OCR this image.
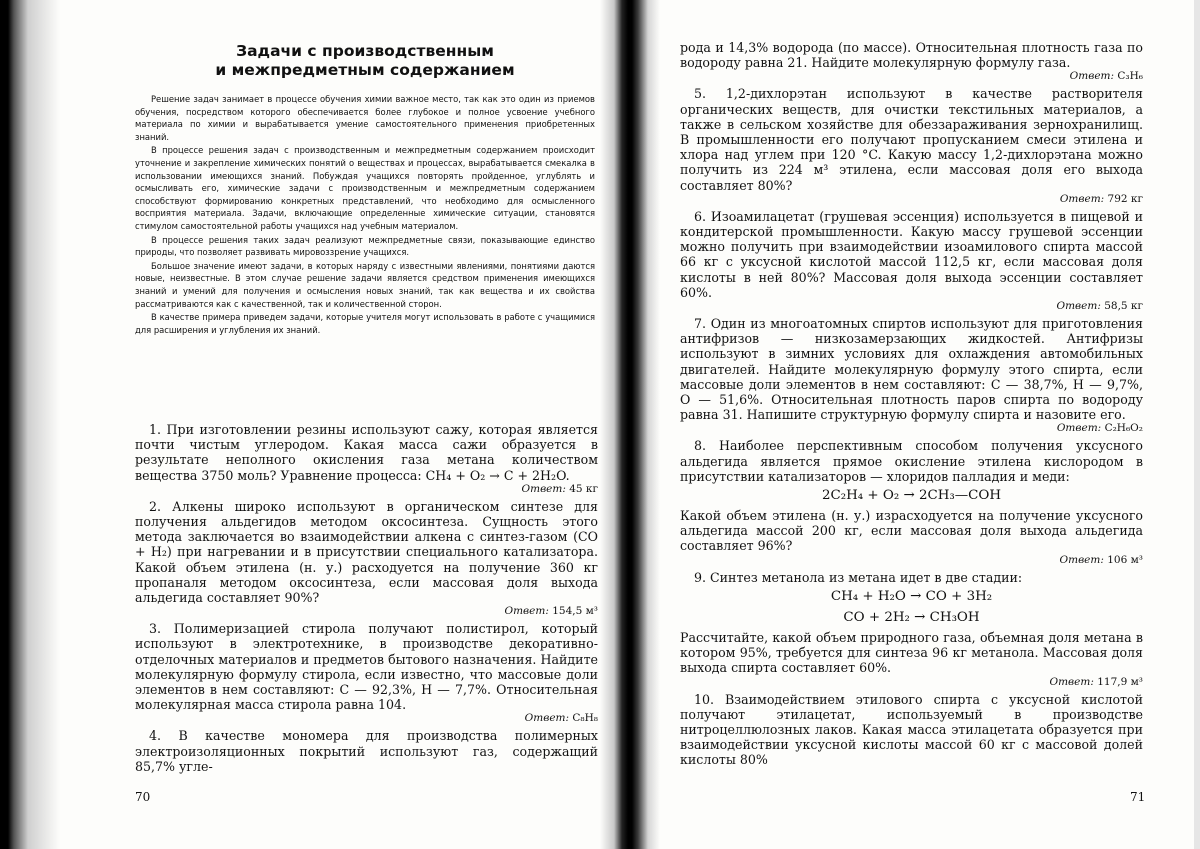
Задачи с производственным
и межпредметным содержанием

Решение задач занимает в процессе обучения химии важное место, так как это один из приемов обучения, посредством которого обеспечивается более глубокое и полное усвоение учебного материала по химии и вырабатывается умение самостоятельного применения приобретенных знаний.

В процессе решения задач с производственным и межпредметным содержанием происходит уточнение и закрепление химических понятий о веществах и процессах, вырабатывается смекалка в использовании имеющихся знаний. Побуждая учащихся повторять пройденное, углублять и осмысливать его, химические задачи с производственным и межпредметным содержанием способствуют формированию конкретных представлений, что необходимо для осмысленного восприятия материала. Задачи, включающие определенные химические ситуации, становятся стимулом самостоятельной работы учащихся над учебным материалом.

В процессе решения таких задач реализуют межпредметные связи, показывающие единство природы, что позволяет развивать мировоззрение учащихся.

Большое значение имеют задачи, в которых наряду с известными явлениями, понятиями даются новые, неизвестные. В этом случае решение задачи является средством применения имеющихся знаний и умений для получения и осмысления новых знаний, так как вещества и их свойства рассматриваются как с качественной, так и количественной сторон.

В качестве примера приведем задачи, которые учителя могут использовать в работе с учащимися для расширения и углубления их знаний.

1. При изготовлении резины используют сажу, которая является почти чистым углеродом. Какая масса сажи образуется в результате неполного окисления газа метана количеством вещества 3750 моль? Уравнение процесса: CH₄ + O₂ → C + 2H₂O.

Ответ: 45 кг

2. Алкены широко используют в органическом синтезе для получения альдегидов методом оксосинтеза. Сущность этого метода заключается во взаимодействии алкена с синтез-газом (CO + H₂) при нагревании и в присутствии специального катализатора. Какой объем этилена (н. у.) расходуется на получение 360 кг пропаналя методом оксосинтеза, если массовая доля выхода альдегида составляет 90%?

Ответ: 154,5 м³

3. Полимеризацией стирола получают полистирол, который используют в электротехнике, в производстве декоративно-отделочных материалов и предметов бытового назначения. Найдите молекулярную формулу стирола, если известно, что массовые доли элементов в нем составляют: C — 92,3%, H — 7,7%. Относительная молекулярная масса стирола равна 104.

Ответ: C₈H₈

4. В качестве мономера для производства полимерных электроизоляционных покрытий используют газ, содержащий 85,7% угле-

70

рода и 14,3% водорода (по массе). Относительная плотность газа по водороду равна 21. Найдите молекулярную формулу газа.

Ответ: C₃H₆

5. 1,2-дихлорэтан используют в качестве растворителя органических веществ, для очистки текстильных материалов, а также в сельском хозяйстве для обеззараживания зернохранилищ. В промышленности его получают пропусканием смеси этилена и хлора над углем при 120 °C. Какую массу 1,2-дихлорэтана можно получить из 224 м³ этилена, если массовая доля его выхода составляет 80%?

Ответ: 792 кг

6. Изоамилацетат (грушевая эссенция) используется в пищевой и кондитерской промышленности. Какую массу грушевой эссенции можно получить при взаимодействии изоамилового спирта массой 66 кг с уксусной кислотой массой 112,5 кг, если массовая доля кислоты в ней 80%? Массовая доля выхода эссенции составляет 60%.

Ответ: 58,5 кг

7. Один из многоатомных спиртов используют для приготовления антифризов — низкозамерзающих жидкостей. Антифризы используют в зимних условиях для охлаждения автомобильных двигателей. Найдите молекулярную формулу этого спирта, если массовые доли элементов в нем составляют: C — 38,7%, H — 9,7%, O — 51,6%. Относительная плотность паров спирта по водороду равна 31. Напишите структурную формулу спирта и назовите его.

Ответ: C₂H₆O₂

8. Наиболее перспективным способом получения уксусного альдегида является прямое окисление этилена кислородом в присутствии катализаторов — хлоридов палладия и меди:

2C₂H₄ + O₂ → 2CH₃—COH

Какой объем этилена (н. у.) израсходуется на получение уксусного альдегида массой 200 кг, если массовая доля выхода альдегида составляет 96%?

Ответ: 106 м³

9. Синтез метанола из метана идет в две стадии:

CH₄ + H₂O → CO + 3H₂
CO + 2H₂ → CH₃OH

Рассчитайте, какой объем природного газа, объемная доля метана в котором 95%, требуется для синтеза 96 кг метанола. Массовая доля выхода спирта составляет 60%.

Ответ: 117,9 м³

10. Взаимодействием этилового спирта с уксусной кислотой получают этилацетат, используемый в производстве нитроцеллюлозных лаков. Какая масса этилацетата образуется при взаимодействии уксусной кислоты массой 60 кг с массовой долей кислоты 80%

71
